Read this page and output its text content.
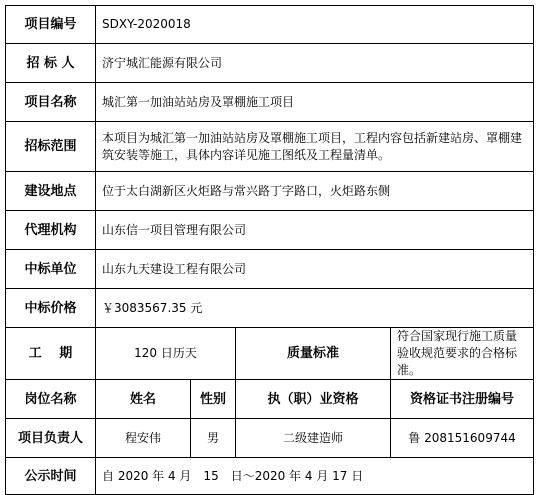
项目编号	SDXY-2020018			
招 标 人	济宁城汇能源有限公司			
项目名称	城汇第一加油站站房及罩棚施工项目			
招标范围	本项目为城汇第一加油站站房及罩棚施工项目，工程内容包括新建站房、罩棚建筑安装等施工，具体内容详见施工图纸及工程量清单。			
建设地点	位于太白湖新区火炬路与常兴路丁字路口，火炬路东侧			
代理机构	山东信一项目管理有限公司			
中标单位	山东九天建设工程有限公司			
中标价格	￥3083567.35 元			
工　 期	120 日历天		质量标准	符合国家现行施工质量验收规范要求的合格标准。
岗位名称	姓名	性别	执（职）业资格	资格证书注册编号
项目负责人	程安伟	男	二级建造师	鲁 208151609744
公示时间	自 2020 年 4 月　15　日～2020 年 4 月 17 日			
